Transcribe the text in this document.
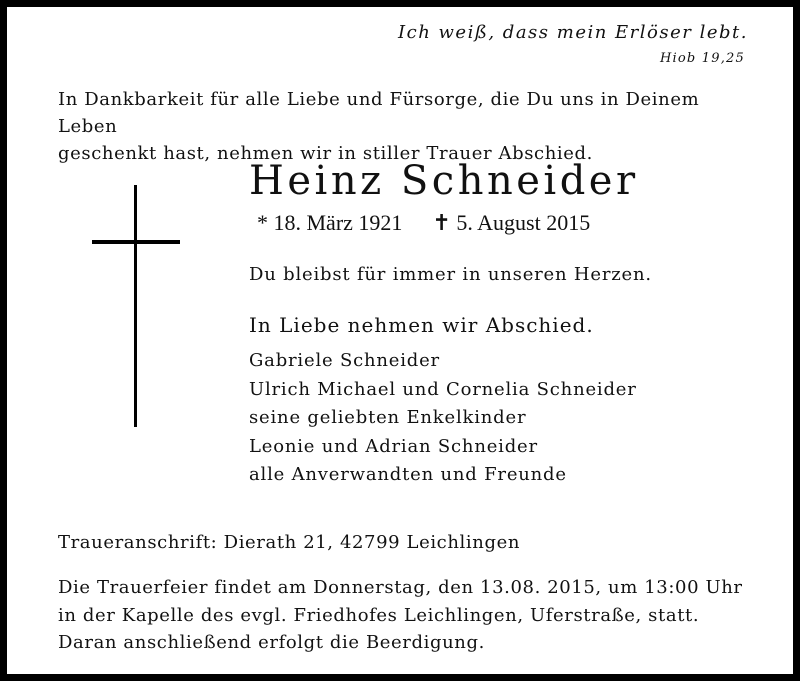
Ich weiß, dass mein Erlöser lebt.
Hiob 19,25
In Dankbarkeit für alle Liebe und Fürsorge, die Du uns in Deinem Leben
geschenkt hast, nehmen wir in stiller Trauer Abschied.
Heinz Schneider
* 18. März 1921 ✝ 5. August 2015
Du bleibst für immer in unseren Herzen.
In Liebe nehmen wir Abschied.
Gabriele Schneider
Ulrich Michael und Cornelia Schneider
seine geliebten Enkelkinder
Leonie und Adrian Schneider
alle Anverwandten und Freunde
Traueranschrift: Dierath 21, 42799 Leichlingen
Die Trauerfeier findet am Donnerstag, den 13.08. 2015, um 13:00 Uhr
in der Kapelle des evgl. Friedhofes Leichlingen, Uferstraße, statt.
Daran anschließend erfolgt die Beerdigung.
